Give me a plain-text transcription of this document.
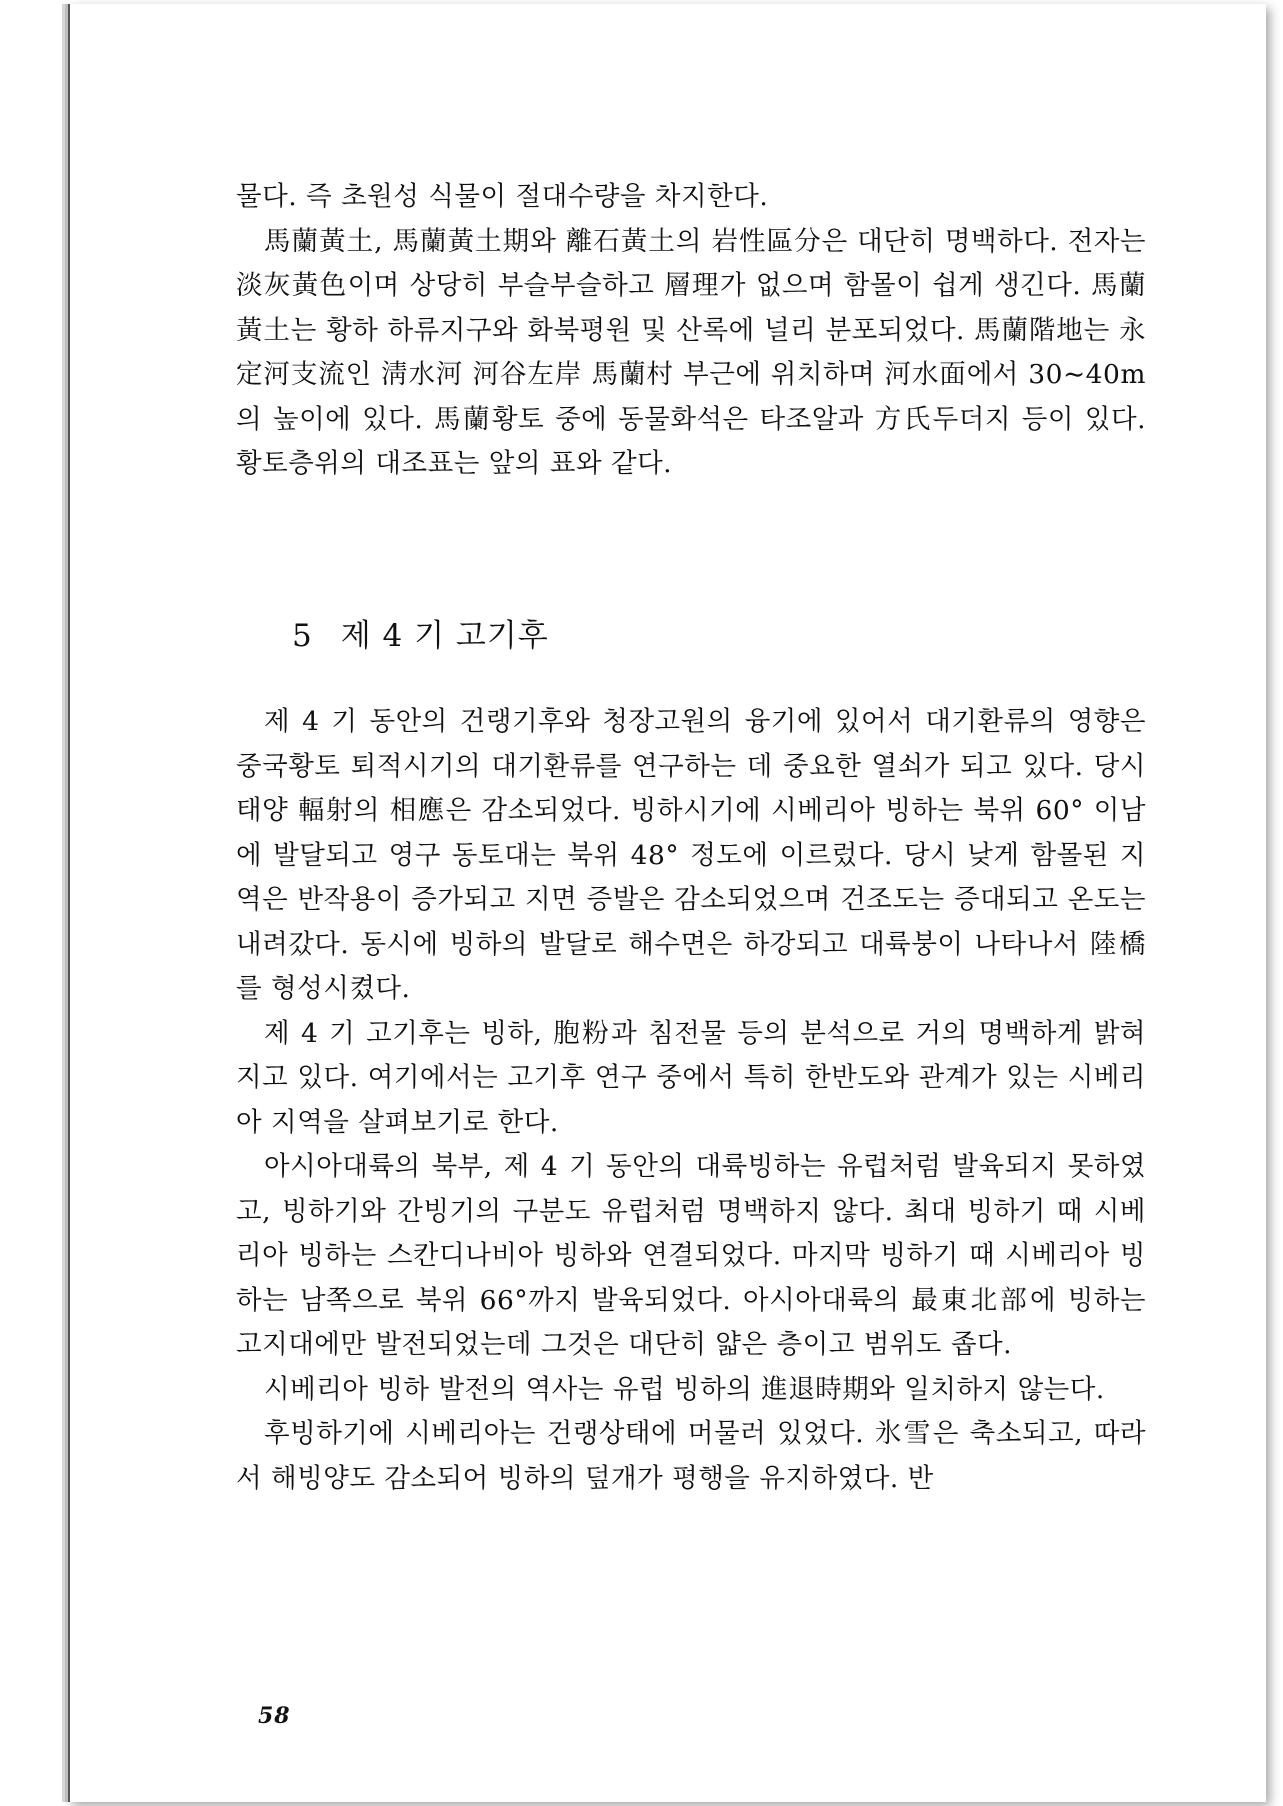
물다. 즉 초원성 식물이 절대수량을 차지한다.

馬蘭黃土, 馬蘭黃土期와 離石黃土의 岩性區分은 대단히 명백하다. 전자는 淡灰黃色이며 상당히 부슬부슬하고 層理가 없으며 함몰이 쉽게 생긴다. 馬蘭黃土는 황하 하류지구와 화북평원 및 산록에 널리 분포되었다. 馬蘭階地는 永定河支流인 淸水河 河谷左岸 馬蘭村 부근에 위치하며 河水面에서 30∼40m의 높이에 있다. 馬蘭황토 중에 동물화석은 타조알과 方氏두더지 등이 있다. 황토층위의 대조표는 앞의 표와 같다.

5 제 4 기 고기후

제 4 기 동안의 건랭기후와 청장고원의 융기에 있어서 대기환류의 영향은 중국황토 퇴적시기의 대기환류를 연구하는 데 중요한 열쇠가 되고 있다. 당시 태양 輻射의 相應은 감소되었다. 빙하시기에 시베리아 빙하는 북위 60° 이남에 발달되고 영구 동토대는 북위 48° 정도에 이르렀다. 당시 낮게 함몰된 지역은 반작용이 증가되고 지면 증발은 감소되었으며 건조도는 증대되고 온도는 내려갔다. 동시에 빙하의 발달로 해수면은 하강되고 대륙붕이 나타나서 陸橋를 형성시켰다.

제 4 기 고기후는 빙하, 胞粉과 침전물 등의 분석으로 거의 명백하게 밝혀지고 있다. 여기에서는 고기후 연구 중에서 특히 한반도와 관계가 있는 시베리아 지역을 살펴보기로 한다.

아시아대륙의 북부, 제 4 기 동안의 대륙빙하는 유럽처럼 발육되지 못하였고, 빙하기와 간빙기의 구분도 유럽처럼 명백하지 않다. 최대 빙하기 때 시베리아 빙하는 스칸디나비아 빙하와 연결되었다. 마지막 빙하기 때 시베리아 빙하는 남쪽으로 북위 66°까지 발육되었다. 아시아대륙의 最東北部에 빙하는 고지대에만 발전되었는데 그것은 대단히 얇은 층이고 범위도 좁다.

시베리아 빙하 발전의 역사는 유럽 빙하의 進退時期와 일치하지 않는다.

후빙하기에 시베리아는 건랭상태에 머물러 있었다. 氷雪은 축소되고, 따라서 해빙양도 감소되어 빙하의 덮개가 평행을 유지하였다. 반

58
